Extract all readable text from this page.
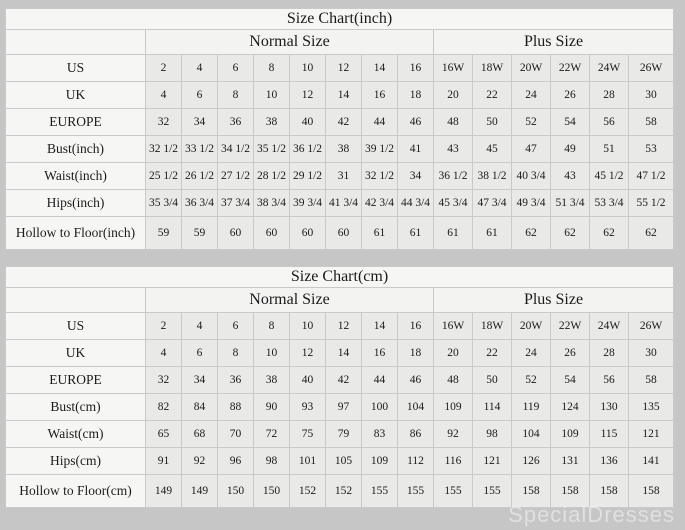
Size Chart(inch)														
	Normal Size								Plus Size					
US	2	4	6	8	10	12	14	16	16W	18W	20W	22W	24W	26W
UK	4	6	8	10	12	14	16	18	20	22	24	26	28	30
EUROPE	32	34	36	38	40	42	44	46	48	50	52	54	56	58
Bust(inch)	32 1/2	33 1/2	34 1/2	35 1/2	36 1/2	38	39 1/2	41	43	45	47	49	51	53
Waist(inch)	25 1/2	26 1/2	27 1/2	28 1/2	29 1/2	31	32 1/2	34	36 1/2	38 1/2	40 3/4	43	45 1/2	47 1/2
Hips(inch)	35 3/4	36 3/4	37 3/4	38 3/4	39 3/4	41 3/4	42 3/4	44 3/4	45 3/4	47 3/4	49 3/4	51 3/4	53 3/4	55 1/2
Hollow to Floor(inch)	59	59	60	60	60	60	61	61	61	61	62	62	62	62
Size Chart(cm)														
	Normal Size								Plus Size					
US	2	4	6	8	10	12	14	16	16W	18W	20W	22W	24W	26W
UK	4	6	8	10	12	14	16	18	20	22	24	26	28	30
EUROPE	32	34	36	38	40	42	44	46	48	50	52	54	56	58
Bust(cm)	82	84	88	90	93	97	100	104	109	114	119	124	130	135
Waist(cm)	65	68	70	72	75	79	83	86	92	98	104	109	115	121
Hips(cm)	91	92	96	98	101	105	109	112	116	121	126	131	136	141
Hollow to Floor(cm)	149	149	150	150	152	152	155	155	155	155	158	158	158	158
SpecialDresses
